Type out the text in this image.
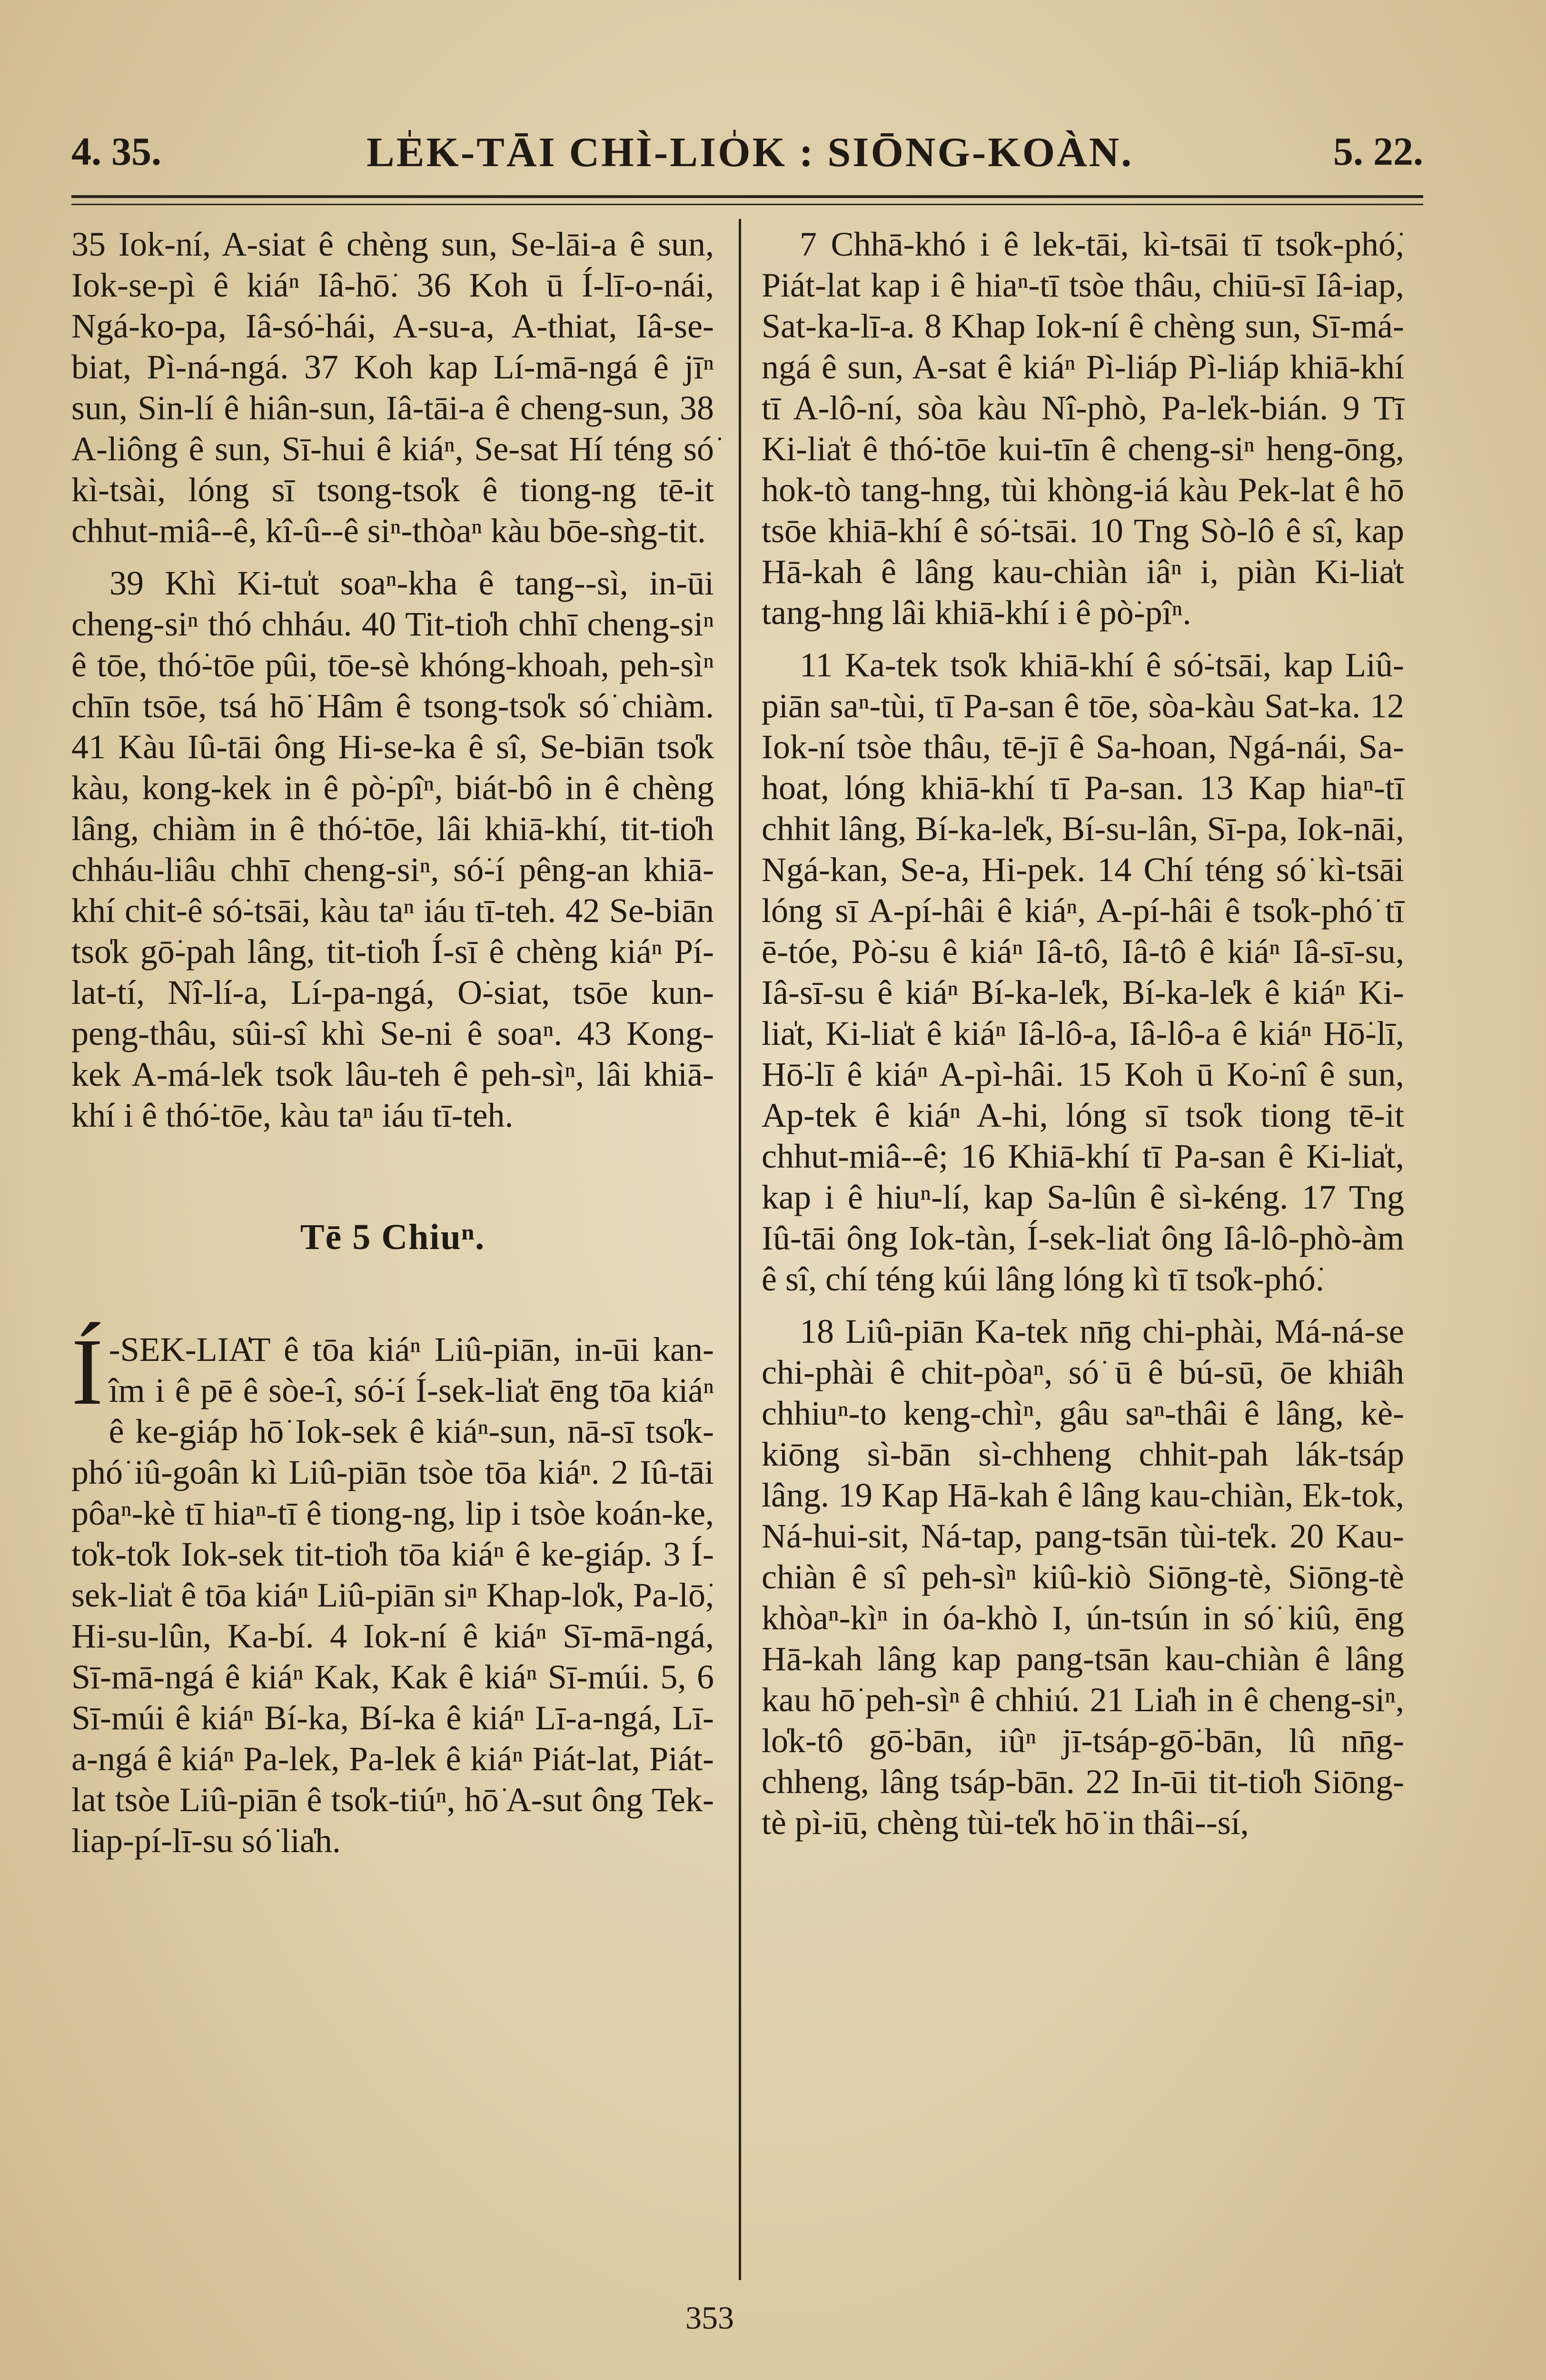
4. 35.	LE̍K-TĀI CHÌ-LIO̍K : SIŌNG-KOÀN.	5. 22.

35 Iok-ní, A-siat ê chèng sun, Se-lāi-a ê sun, Iok-se-pì ê kiáⁿ Iâ-hō͘. 36 Koh ū Í-lī-o-nái, Ngá-ko-pa, Iâ-só͘-hái, A-su-a, A-thiat, Iâ-se-biat, Pì-ná-ngá. 37 Koh kap Lí-mā-ngá ê jīⁿ sun, Sin-lí ê hiân-sun, Iâ-tāi-a ê cheng-sun, 38 A-liông ê sun, Sī-hui ê kiáⁿ, Se-sat Hí téng só͘ kì-tsài, lóng sī tsong-tso̍k ê tiong-ng tē-it chhut-miâ--ê, kî-û--ê siⁿ-thòaⁿ kàu bōe-sǹg-tit.

39 Khì Ki-tu̍t soaⁿ-kha ê tang--sì, in-ūi cheng-siⁿ thó chháu. 40 Tit-tio̍h chhī cheng-siⁿ ê tōe, thó͘-tōe pûi, tōe-sè khóng-khoah, peh-sìⁿ chīn tsōe, tsá hō͘ Hâm ê tsong-tso̍k só͘ chiàm. 41 Kàu Iû-tāi ông Hi-se-ka ê sî, Se-biān tso̍k kàu, kong-kek in ê pò͘-pîⁿ, biát-bô in ê chèng lâng, chiàm in ê thó͘-tōe, lâi khiā-khí, tit-tio̍h chháu-liâu chhī cheng-siⁿ, só͘-í pêng-an khiā-khí chit-ê só͘-tsāi, kàu taⁿ iáu tī-teh. 42 Se-biān tso̍k gō͘-pah lâng, tit-tio̍h Í-sī ê chèng kiáⁿ Pí-lat-tí, Nî-lí-a, Lí-pa-ngá, O͘-siat, tsōe kun-peng-thâu, sûi-sî khì Se-ni ê soaⁿ. 43 Kong-kek A-má-le̍k tso̍k lâu-teh ê peh-sìⁿ, lâi khiā-khí i ê thó͘-tōe, kàu taⁿ iáu tī-teh.

Tē 5 Chiuⁿ.

Í -SEK-LIA̍T ê tōa kiáⁿ Liû-piān, in-ūi kan-îm i ê pē ê sòe-î, só͘-í Í-sek-lia̍t ēng tōa kiáⁿ ê ke-giáp hō͘ Iok-sek ê kiáⁿ-sun, nā-sī tso̍k-phó͘ iû-goân kì Liû-piān tsòe tōa kiáⁿ. 2 Iû-tāi pôaⁿ-kè tī hiaⁿ-tī ê tiong-ng, lip i tsòe koán-ke, to̍k-to̍k Iok-sek tit-tio̍h tōa kiáⁿ ê ke-giáp. 3 Í-sek-lia̍t ê tōa kiáⁿ Liû-piān siⁿ Khap-lo̍k, Pa-lō͘, Hi-su-lûn, Ka-bí. 4 Iok-ní ê kiáⁿ Sī-mā-ngá, Sī-mā-ngá ê kiáⁿ Kak, Kak ê kiáⁿ Sī-múi. 5, 6 Sī-múi ê kiáⁿ Bí-ka, Bí-ka ê kiáⁿ Lī-a-ngá, Lī-a-ngá ê kiáⁿ Pa-lek, Pa-lek ê kiáⁿ Piát-lat, Piát-lat tsòe Liû-piān ê tso̍k-tiúⁿ, hō͘ A-sut ông Tek-liap-pí-lī-su só͘ lia̍h.

7 Chhā-khó i ê lek-tāi, kì-tsāi tī tso̍k-phó͘, Piát-lat kap i ê hiaⁿ-tī tsòe thâu, chiū-sī Iâ-iap, Sat-ka-lī-a. 8 Khap Iok-ní ê chèng sun, Sī-má-ngá ê sun, A-sat ê kiáⁿ Pì-liáp Pì-liáp khiā-khí tī A-lô-ní, sòa kàu Nî-phò, Pa-le̍k-bián. 9 Tī Ki-lia̍t ê thó͘-tōe kui-tīn ê cheng-siⁿ heng-ōng, hok-tò tang-hng, tùi khòng-iá kàu Pek-lat ê hō tsōe khiā-khí ê só͘-tsāi. 10 Tng Sò-lô ê sî, kap Hā-kah ê lâng kau-chiàn iâⁿ i, piàn Ki-lia̍t tang-hng lâi khiā-khí i ê pò͘-pîⁿ.

11 Ka-tek tso̍k khiā-khí ê só͘-tsāi, kap Liû-piān saⁿ-tùi, tī Pa-san ê tōe, sòa-kàu Sat-ka. 12 Iok-ní tsòe thâu, tē-jī ê Sa-hoan, Ngá-nái, Sa-hoat, lóng khiā-khí tī Pa-san. 13 Kap hiaⁿ-tī chhit lâng, Bí-ka-le̍k, Bí-su-lân, Sī-pa, Iok-nāi, Ngá-kan, Se-a, Hi-pek. 14 Chí téng só͘ kì-tsāi lóng sī A-pí-hâi ê kiáⁿ, A-pí-hâi ê tso̍k-phó͘ tī ē-tóe, Pò͘-su ê kiáⁿ Iâ-tô, Iâ-tô ê kiáⁿ Iâ-sī-su, Iâ-sī-su ê kiáⁿ Bí-ka-le̍k, Bí-ka-le̍k ê kiáⁿ Ki-lia̍t, Ki-lia̍t ê kiáⁿ Iâ-lô-a, Iâ-lô-a ê kiáⁿ Hō͘-lī, Hō͘-lī ê kiáⁿ A-pì-hâi. 15 Koh ū Ko͘-nî ê sun, Ap-tek ê kiáⁿ A-hi, lóng sī tso̍k tiong tē-it chhut-miâ--ê; 16 Khiā-khí tī Pa-san ê Ki-lia̍t, kap i ê hiuⁿ-lí, kap Sa-lûn ê sì-kéng. 17 Tng Iû-tāi ông Iok-tàn, Í-sek-lia̍t ông Iâ-lô-phò-àm ê sî, chí téng kúi lâng lóng kì tī tso̍k-phó͘.

18 Liû-piān Ka-tek nn̄g chi-phài, Má-ná-se chi-phài ê chit-pòaⁿ, só͘ ū ê bú-sū, ōe khiâh chhiuⁿ-to keng-chìⁿ, gâu saⁿ-thâi ê lâng, kè-kiōng sì-bān sì-chheng chhit-pah lák-tsáp lâng. 19 Kap Hā-kah ê lâng kau-chiàn, Ek-tok, Ná-hui-sit, Ná-tap, pang-tsān tùi-te̍k. 20 Kau-chiàn ê sî peh-sìⁿ kiû-kiò Siōng-tè, Siōng-tè khòaⁿ-kìⁿ in óa-khò I, ún-tsún in só͘ kiû, ēng Hā-kah lâng kap pang-tsān kau-chiàn ê lâng kau hō͘ peh-sìⁿ ê chhiú. 21 Lia̍h in ê cheng-siⁿ, lo̍k-tô gō͘-bān, iûⁿ jī-tsáp-gō͘-bān, lû nn̄g-chheng, lâng tsáp-bān. 22 In-ūi tit-tio̍h Siōng-tè pì-iū, chèng tùi-te̍k hō͘ in thâi--sí,

353
